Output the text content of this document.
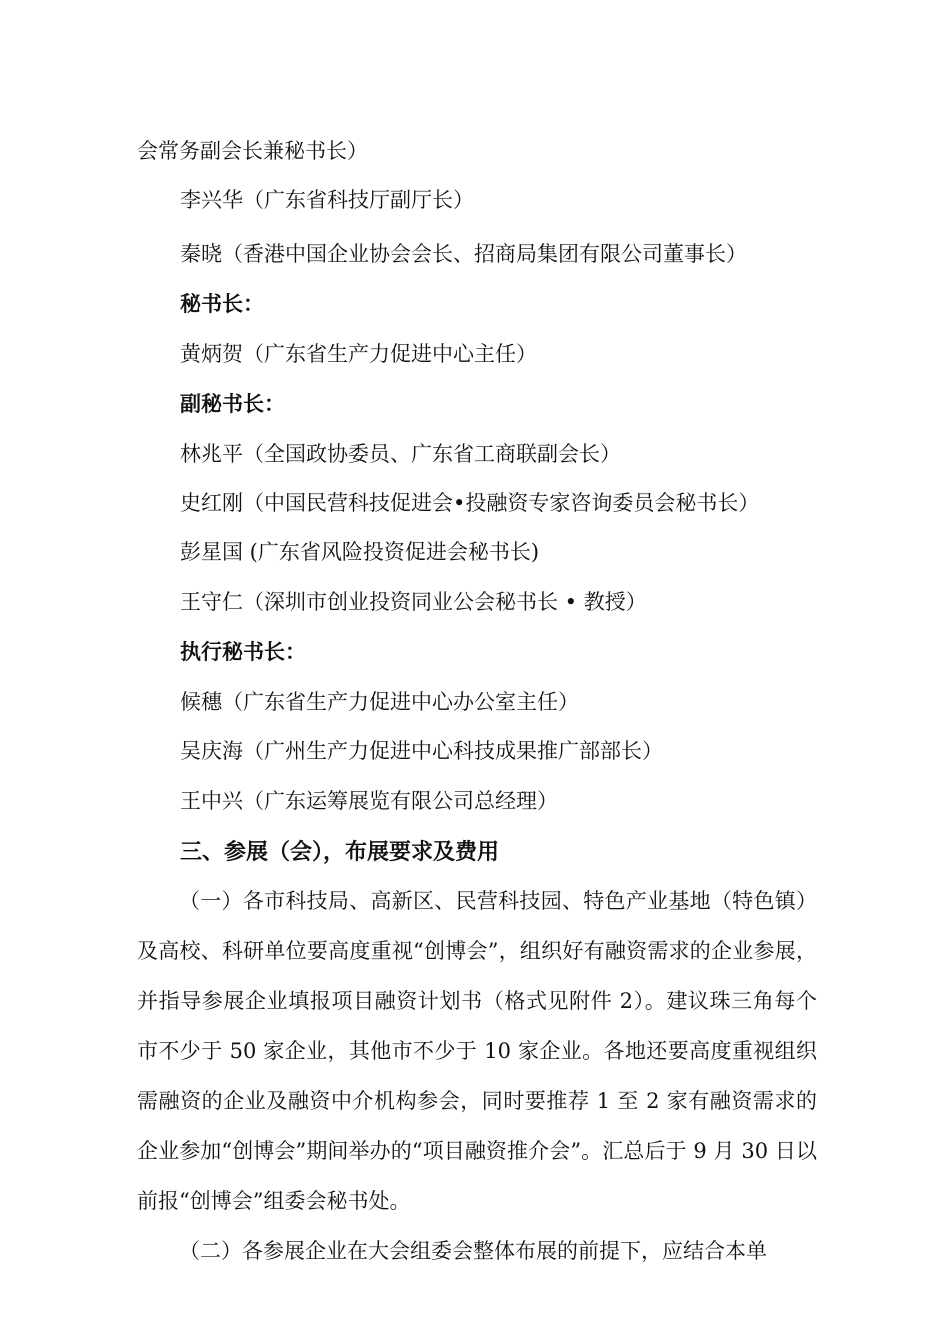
会常务副会长兼秘书长）
李兴华（广东省科技厅副厅长）
秦晓（香港中国企业协会会长、招商局集团有限公司董事长）
秘书长：
黄炳贺（广东省生产力促进中心主任）
副秘书长：
林兆平（全国政协委员、广东省工商联副会长）
史红刚（中国民营科技促进会•投融资专家咨询委员会秘书长）
彭星国 (广东省风险投资促进会秘书长)
王守仁（深圳市创业投资同业公会秘书长 • 教授）
执行秘书长：
候穗（广东省生产力促进中心办公室主任）
吴庆海（广州生产力促进中心科技成果推广部部长）
王中兴（广东运筹展览有限公司总经理）
三、参展（会），布展要求及费用
（一）各市科技局、高新区、民营科技园、特色产业基地（特色镇）及高校、科研单位要高度重视“创博会”，组织好有融资需求的企业参展，并指导参展企业填报项目融资计划书（格式见附件 2）。建议珠三角每个市不少于 50 家企业，其他市不少于 10 家企业。各地还要高度重视组织需融资的企业及融资中介机构参会，同时要推荐 1 至 2 家有融资需求的企业参加“创博会”期间举办的“项目融资推介会”。汇总后于 9 月 30 日以前报“创博会”组委会秘书处。
（二）各参展企业在大会组委会整体布展的前提下，应结合本单
